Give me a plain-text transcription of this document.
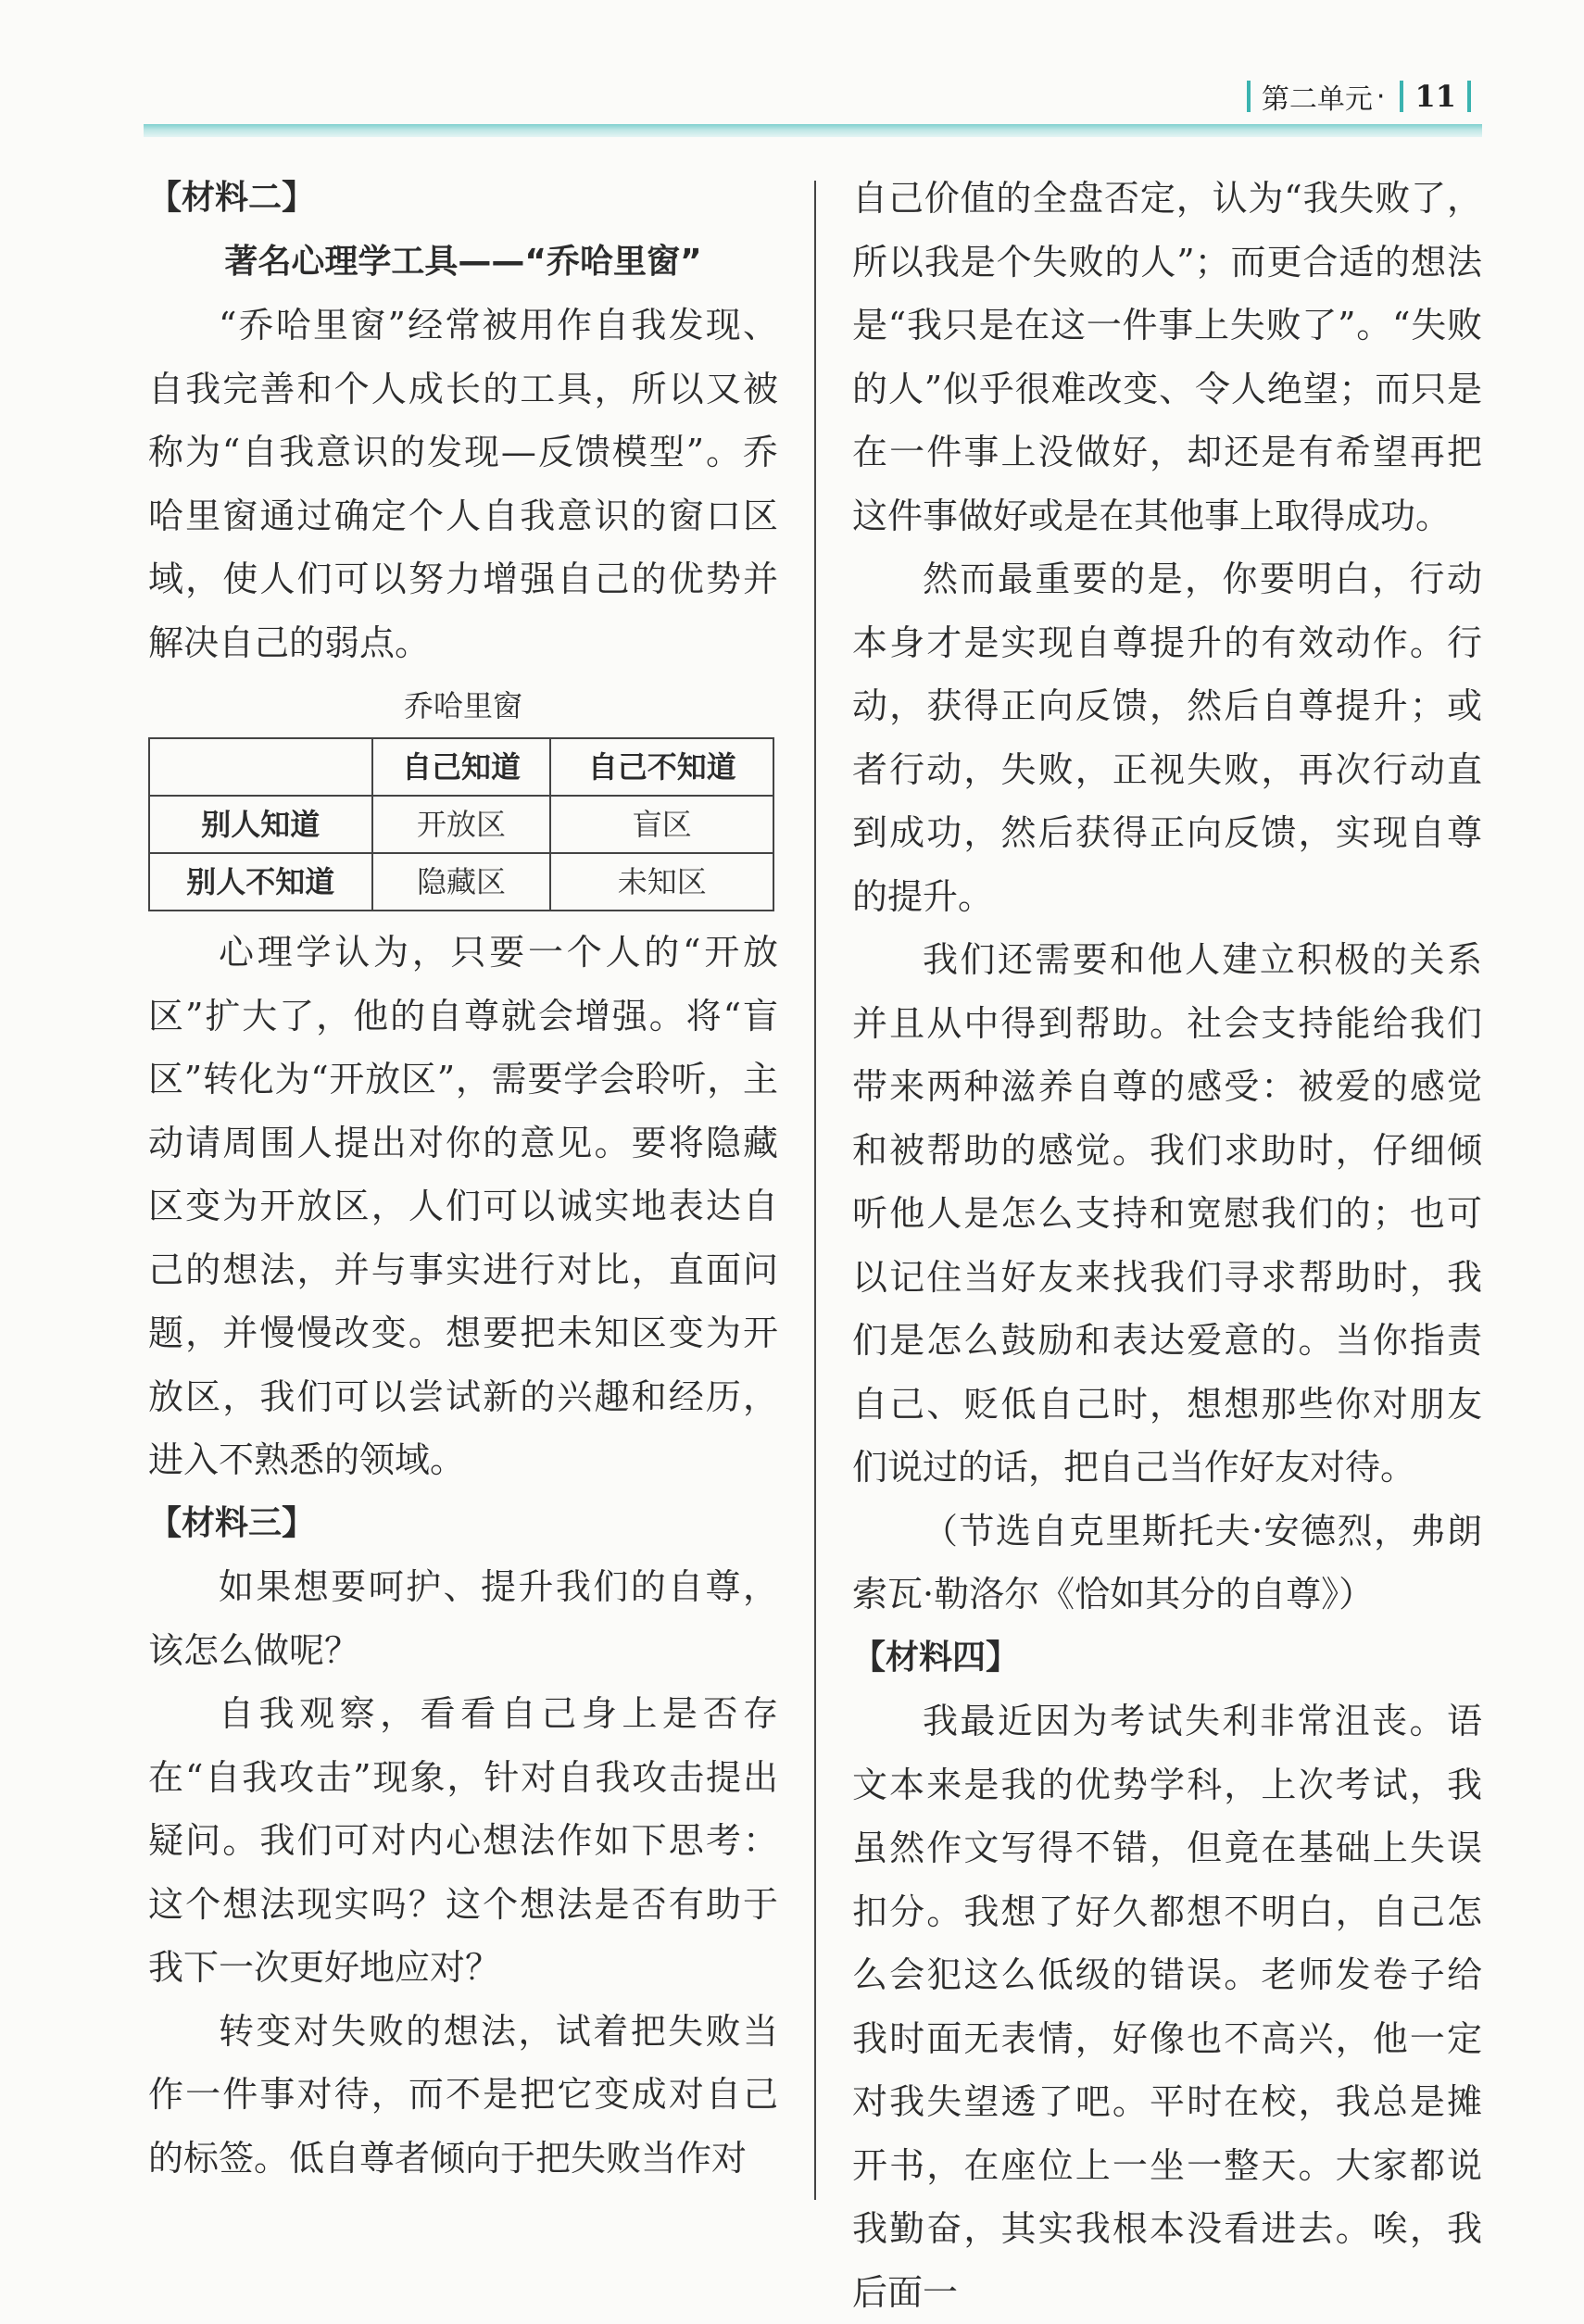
第二单元 · 11

【材料二】

著名心理学工具——“乔哈里窗”

“乔哈里窗”经常被用作自我发现、自我完善和个人成长的工具，所以又被称为“自我意识的发现—反馈模型”。乔哈里窗通过确定个人自我意识的窗口区域，使人们可以努力增强自己的优势并解决自己的弱点。

乔哈里窗

	自己知道	自己不知道
别人知道	开放区	盲区
别人不知道	隐藏区	未知区

心理学认为，只要一个人的“开放区”扩大了，他的自尊就会增强。将“盲区”转化为“开放区”，需要学会聆听，主动请周围人提出对你的意见。要将隐藏区变为开放区，人们可以诚实地表达自己的想法，并与事实进行对比，直面问题，并慢慢改变。想要把未知区变为开放区，我们可以尝试新的兴趣和经历，进入不熟悉的领域。

【材料三】

如果想要呵护、提升我们的自尊，该怎么做呢？

自我观察，看看自己身上是否存在“自我攻击”现象，针对自我攻击提出疑问。我们可对内心想法作如下思考：这个想法现实吗？这个想法是否有助于我下一次更好地应对？

转变对失败的想法，试着把失败当作一件事对待，而不是把它变成对自己的标签。低自尊者倾向于把失败当作对

自己价值的全盘否定，认为“我失败了，所以我是个失败的人”；而更合适的想法是“我只是在这一件事上失败了”。“失败的人”似乎很难改变、令人绝望；而只是在一件事上没做好，却还是有希望再把这件事做好或是在其他事上取得成功。

然而最重要的是，你要明白，行动本身才是实现自尊提升的有效动作。行动，获得正向反馈，然后自尊提升；或者行动，失败，正视失败，再次行动直到成功，然后获得正向反馈，实现自尊的提升。

我们还需要和他人建立积极的关系并且从中得到帮助。社会支持能给我们带来两种滋养自尊的感受：被爱的感觉和被帮助的感觉。我们求助时，仔细倾听他人是怎么支持和宽慰我们的；也可以记住当好友来找我们寻求帮助时，我们是怎么鼓励和表达爱意的。当你指责自己、贬低自己时，想想那些你对朋友们说过的话，把自己当作好友对待。

（节选自克里斯托夫·安德烈，弗朗索瓦·勒洛尔《恰如其分的自尊》）

【材料四】

我最近因为考试失利非常沮丧。语文本来是我的优势学科，上次考试，我虽然作文写得不错，但竟在基础上失误扣分。我想了好久都想不明白，自己怎么会犯这么低级的错误。老师发卷子给我时面无表情，好像也不高兴，他一定对我失望透了吧。平时在校，我总是摊开书，在座位上一坐一整天。大家都说我勤奋，其实我根本没看进去。唉，我后面一
